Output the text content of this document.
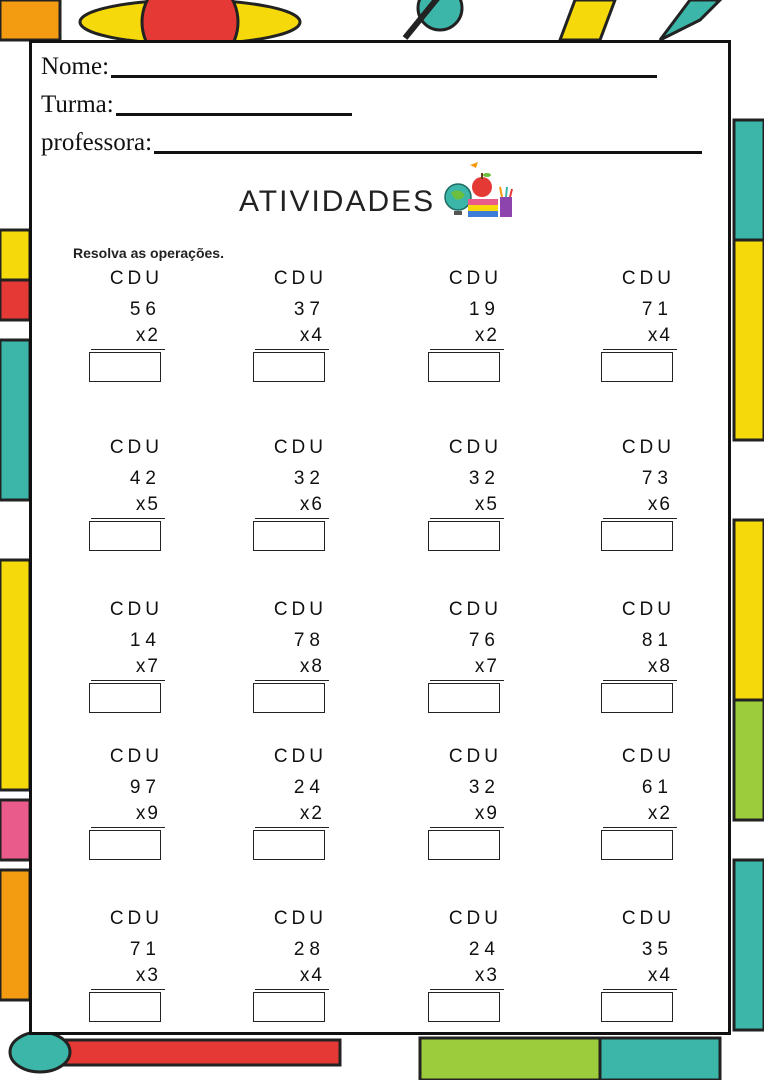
Nome:
Turma:
professora:
ATIVIDADES
Resolva as operações.
CDU
56
x2
CDU
37
x4
CDU
19
x2
CDU
71
x4
CDU
42
x5
CDU
32
x6
CDU
32
x5
CDU
73
x6
CDU
14
x7
CDU
78
x8
CDU
76
x7
CDU
81
x8
CDU
97
x9
CDU
24
x2
CDU
32
x9
CDU
61
x2
CDU
71
x3
CDU
28
x4
CDU
24
x3
CDU
35
x4
